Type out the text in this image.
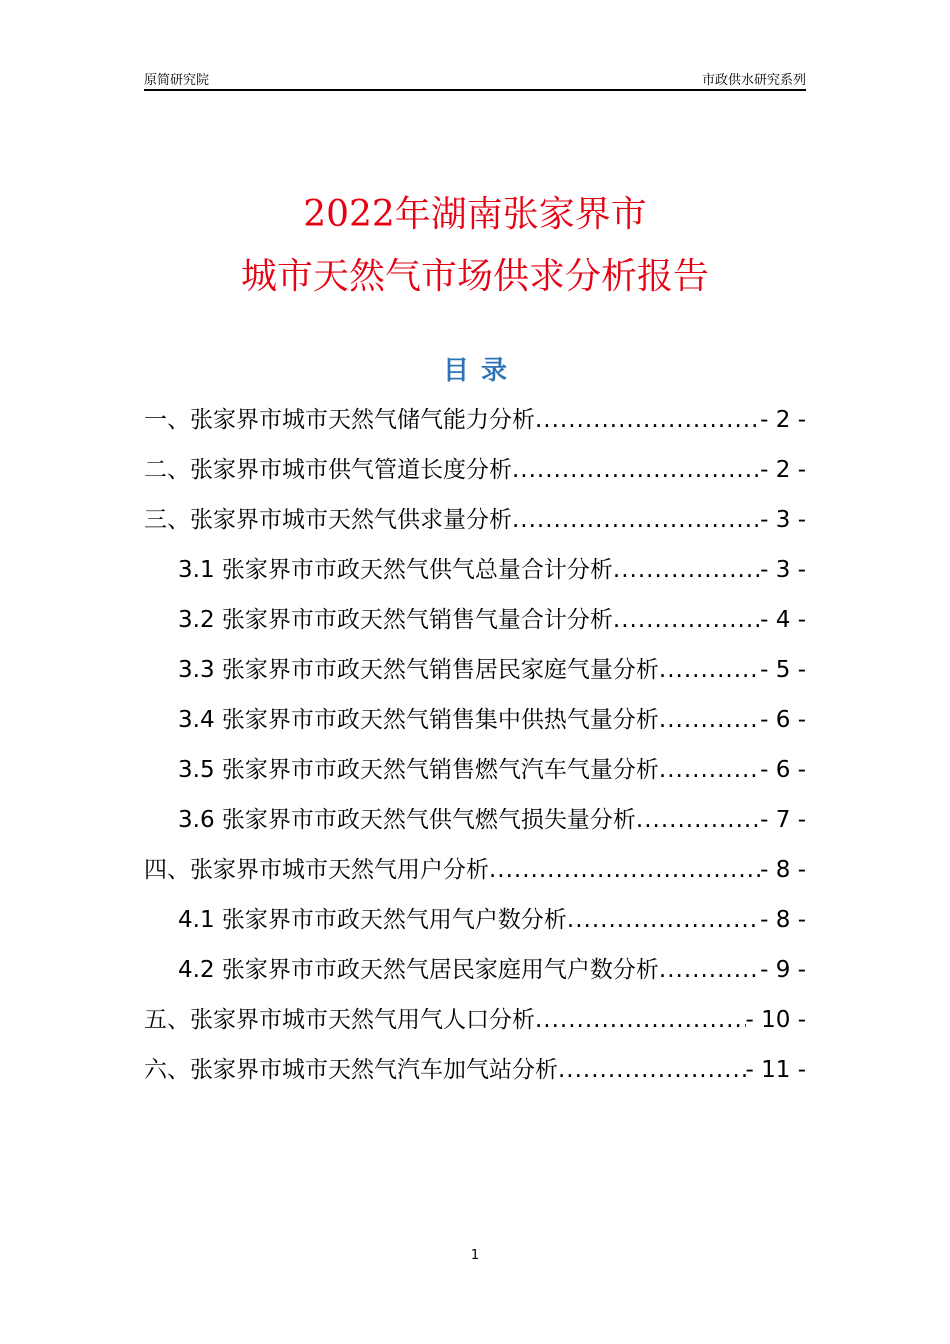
原简研究院	市政供水研究系列
2022年湖南张家界市
城市天然气市场供求分析报告
目录
一、张家界市城市天然气储气能力分析 .....	- 2 -
二、张家界市城市供气管道长度分析 .....	- 2 -
三、张家界市城市天然气供求量分析 .....	- 3 -
3.1 张家界市市政天然气供气总量合计分析 .....	- 3 -
3.2 张家界市市政天然气销售气量合计分析 .....	- 4 -
3.3 张家界市市政天然气销售居民家庭气量分析 .....	- 5 -
3.4 张家界市市政天然气销售集中供热气量分析 .....	- 6 -
3.5 张家界市市政天然气销售燃气汽车气量分析 .....	- 6 -
3.6 张家界市市政天然气供气燃气损失量分析 .....	- 7 -
四、张家界市城市天然气用户分析 .....	- 8 -
4.1 张家界市市政天然气用气户数分析 .....	- 8 -
4.2 张家界市市政天然气居民家庭用气户数分析 .....	- 9 -
五、张家界市城市天然气用气人口分析 .....	- 10 -
六、张家界市城市天然气汽车加气站分析 .....	- 11 -
1
